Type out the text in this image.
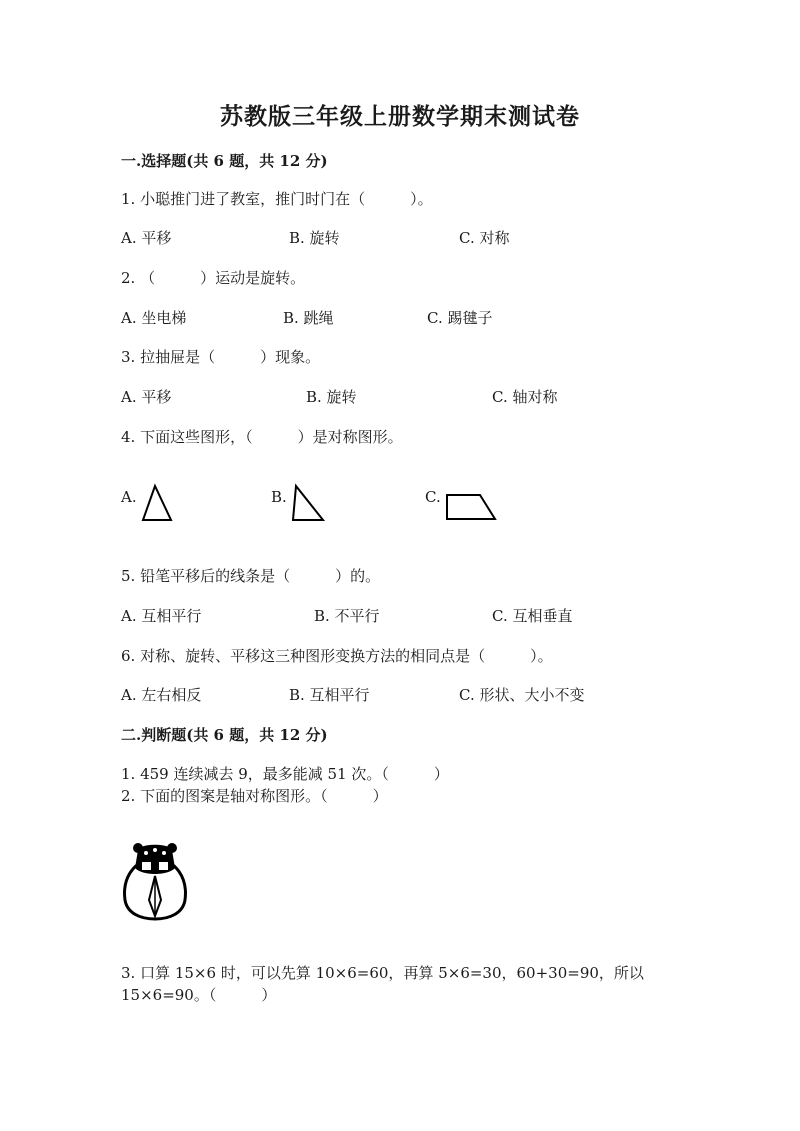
苏教版三年级上册数学期末测试卷
一.选择题(共 6 题，共 12 分)
1. 小聪推门进了教室，推门时门在（　　　）。
A. 平移	B. 旋转	C. 对称
2. （　　　）运动是旋转。
A. 坐电梯	B. 跳绳	C. 踢毽子
3. 拉抽屉是（　　　）现象。
A. 平移	B. 旋转	C. 轴对称
4. 下面这些图形，（　　　）是对称图形。
A.	B.	C.
5. 铅笔平移后的线条是（　　　）的。
A. 互相平行	B. 不平行	C. 互相垂直
6. 对称、旋转、平移这三种图形变换方法的相同点是（　　　）。
A. 左右相反	B. 互相平行	C. 形状、大小不变
二.判断题(共 6 题，共 12 分)
1. 459 连续减去 9，最多能减 51 次。（　　　）
2. 下面的图案是轴对称图形。（　　　）
3. 口算 15×6 时，可以先算 10×6=60，再算 5×6=30，60+30=90，所以
15×6=90。（　　　）
